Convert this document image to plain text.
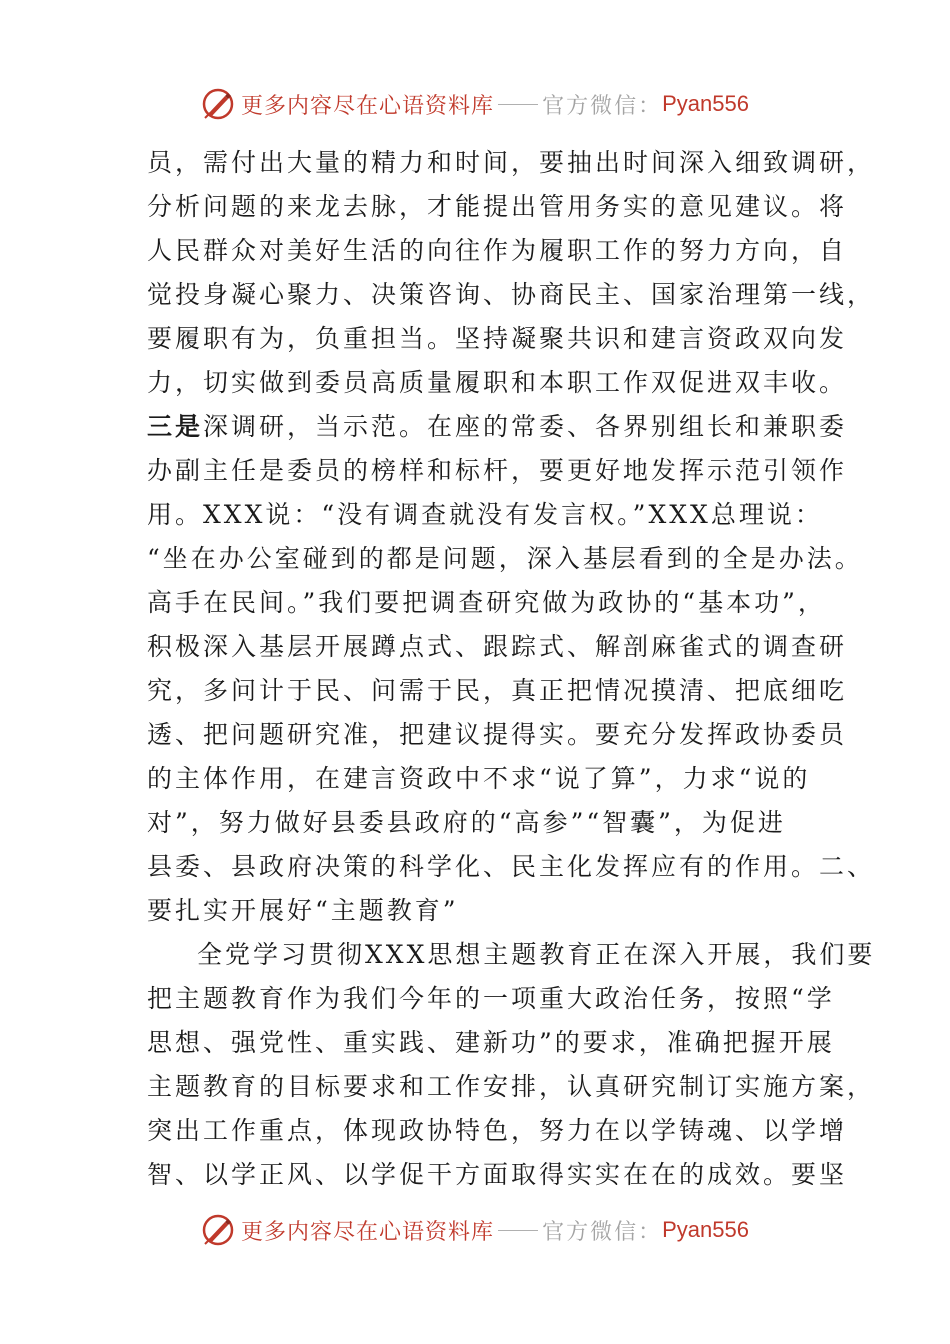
更多内容尽在心语资料库 官方微信： Pyan556
员，需付出大量的精力和时间，要抽出时间深入细致调研，
分析问题的来龙去脉，才能提出管用务实的意见建议。将
人民群众对美好生活的向往作为履职工作的努力方向，自
觉投身凝心聚力、决策咨询、协商民主、国家治理第一线，
要履职有为，负重担当。坚持凝聚共识和建言资政双向发
力，切实做到委员高质量履职和本职工作双促进双丰收。
三是深调研，当示范。在座的常委、各界别组长和兼职委
办副主任是委员的榜样和标杆，要更好地发挥示范引领作
用。XXX说：“没有调查就没有发言权。”XXX总理说：
“坐在办公室碰到的都是问题，深入基层看到的全是办法。
高手在民间。”我们要把调查研究做为政协的“基本功”，
积极深入基层开展蹲点式、跟踪式、解剖麻雀式的调查研
究，多问计于民、问需于民，真正把情况摸清、把底细吃
透、把问题研究准，把建议提得实。要充分发挥政协委员
的主体作用，在建言资政中不求“说了算”，力求“说的
对”，努力做好县委县政府的“高参”“智囊”，为促进
县委、县政府决策的科学化、民主化发挥应有的作用。二、
要扎实开展好“主题教育”
全党学习贯彻XXX思想主题教育正在深入开展，我们要
把主题教育作为我们今年的一项重大政治任务，按照“学
思想、强党性、重实践、建新功”的要求，准确把握开展
主题教育的目标要求和工作安排，认真研究制订实施方案，
突出工作重点，体现政协特色，努力在以学铸魂、以学增
智、以学正风、以学促干方面取得实实在在的成效。要坚
更多内容尽在心语资料库 官方微信： Pyan556
